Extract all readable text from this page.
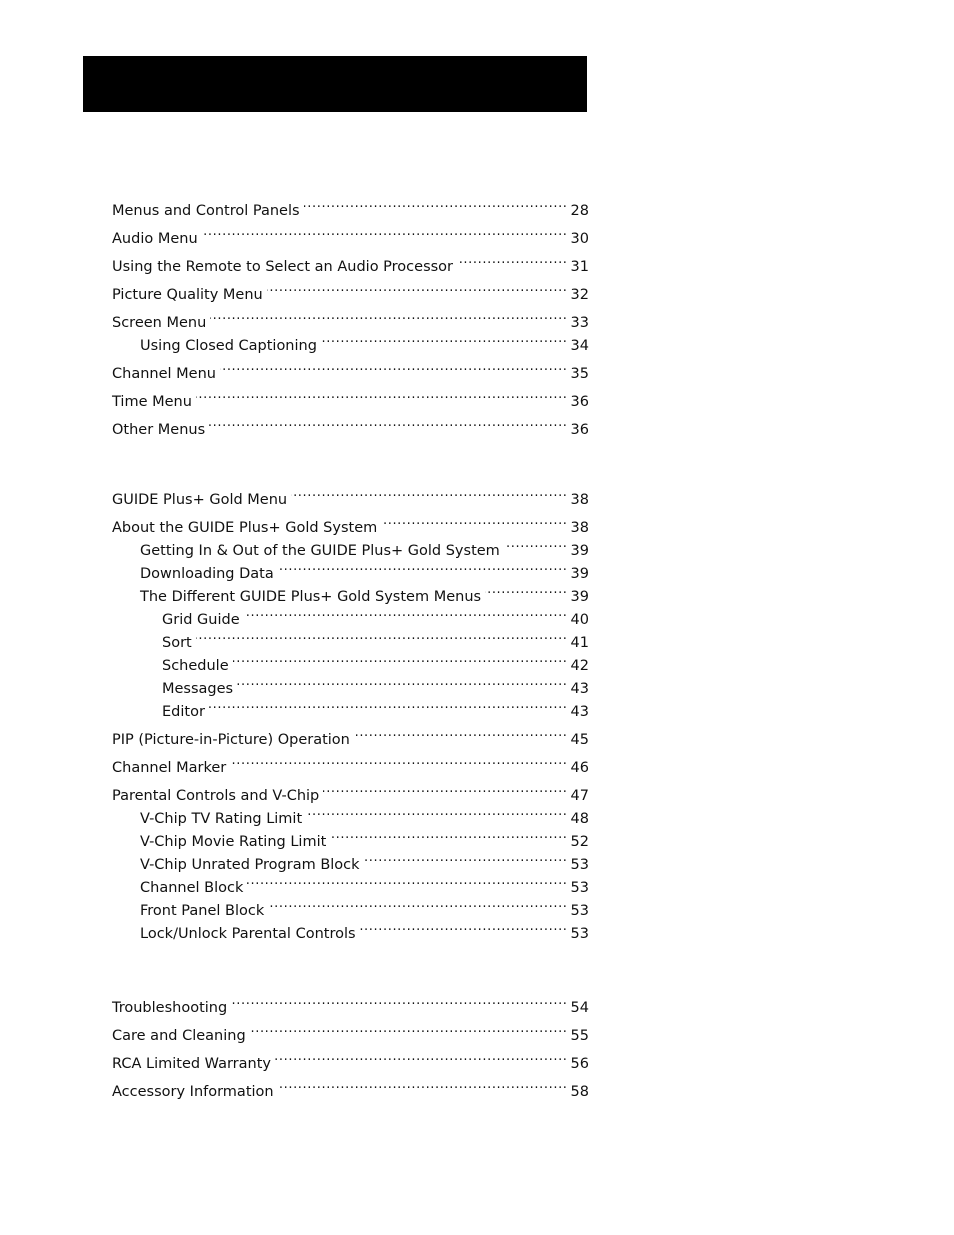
Menus and Control Panels .....	28
Audio Menu .....	30
Using the Remote to Select an Audio Processor .....	31
Picture Quality Menu .....	32
Screen Menu .....	33
Using Closed Captioning .....	34
Channel Menu .....	35
Time Menu .....	36
Other Menus .....	36
GUIDE Plus+ Gold Menu .....	38
About the GUIDE Plus+ Gold System .....	38
Getting In & Out of the GUIDE Plus+ Gold System .....	39
Downloading Data .....	39
The Different GUIDE Plus+ Gold System Menus .....	39
Grid Guide .....	40
Sort .....	41
Schedule .....	42
Messages .....	43
Editor .....	43
PIP (Picture-in-Picture) Operation .....	45
Channel Marker .....	46
Parental Controls and V-Chip .....	47
V-Chip TV Rating Limit .....	48
V-Chip Movie Rating Limit .....	52
V-Chip Unrated Program Block .....	53
Channel Block .....	53
Front Panel Block .....	53
Lock/Unlock Parental Controls .....	53
Troubleshooting .....	54
Care and Cleaning .....	55
RCA Limited Warranty .....	56
Accessory Information .....	58
